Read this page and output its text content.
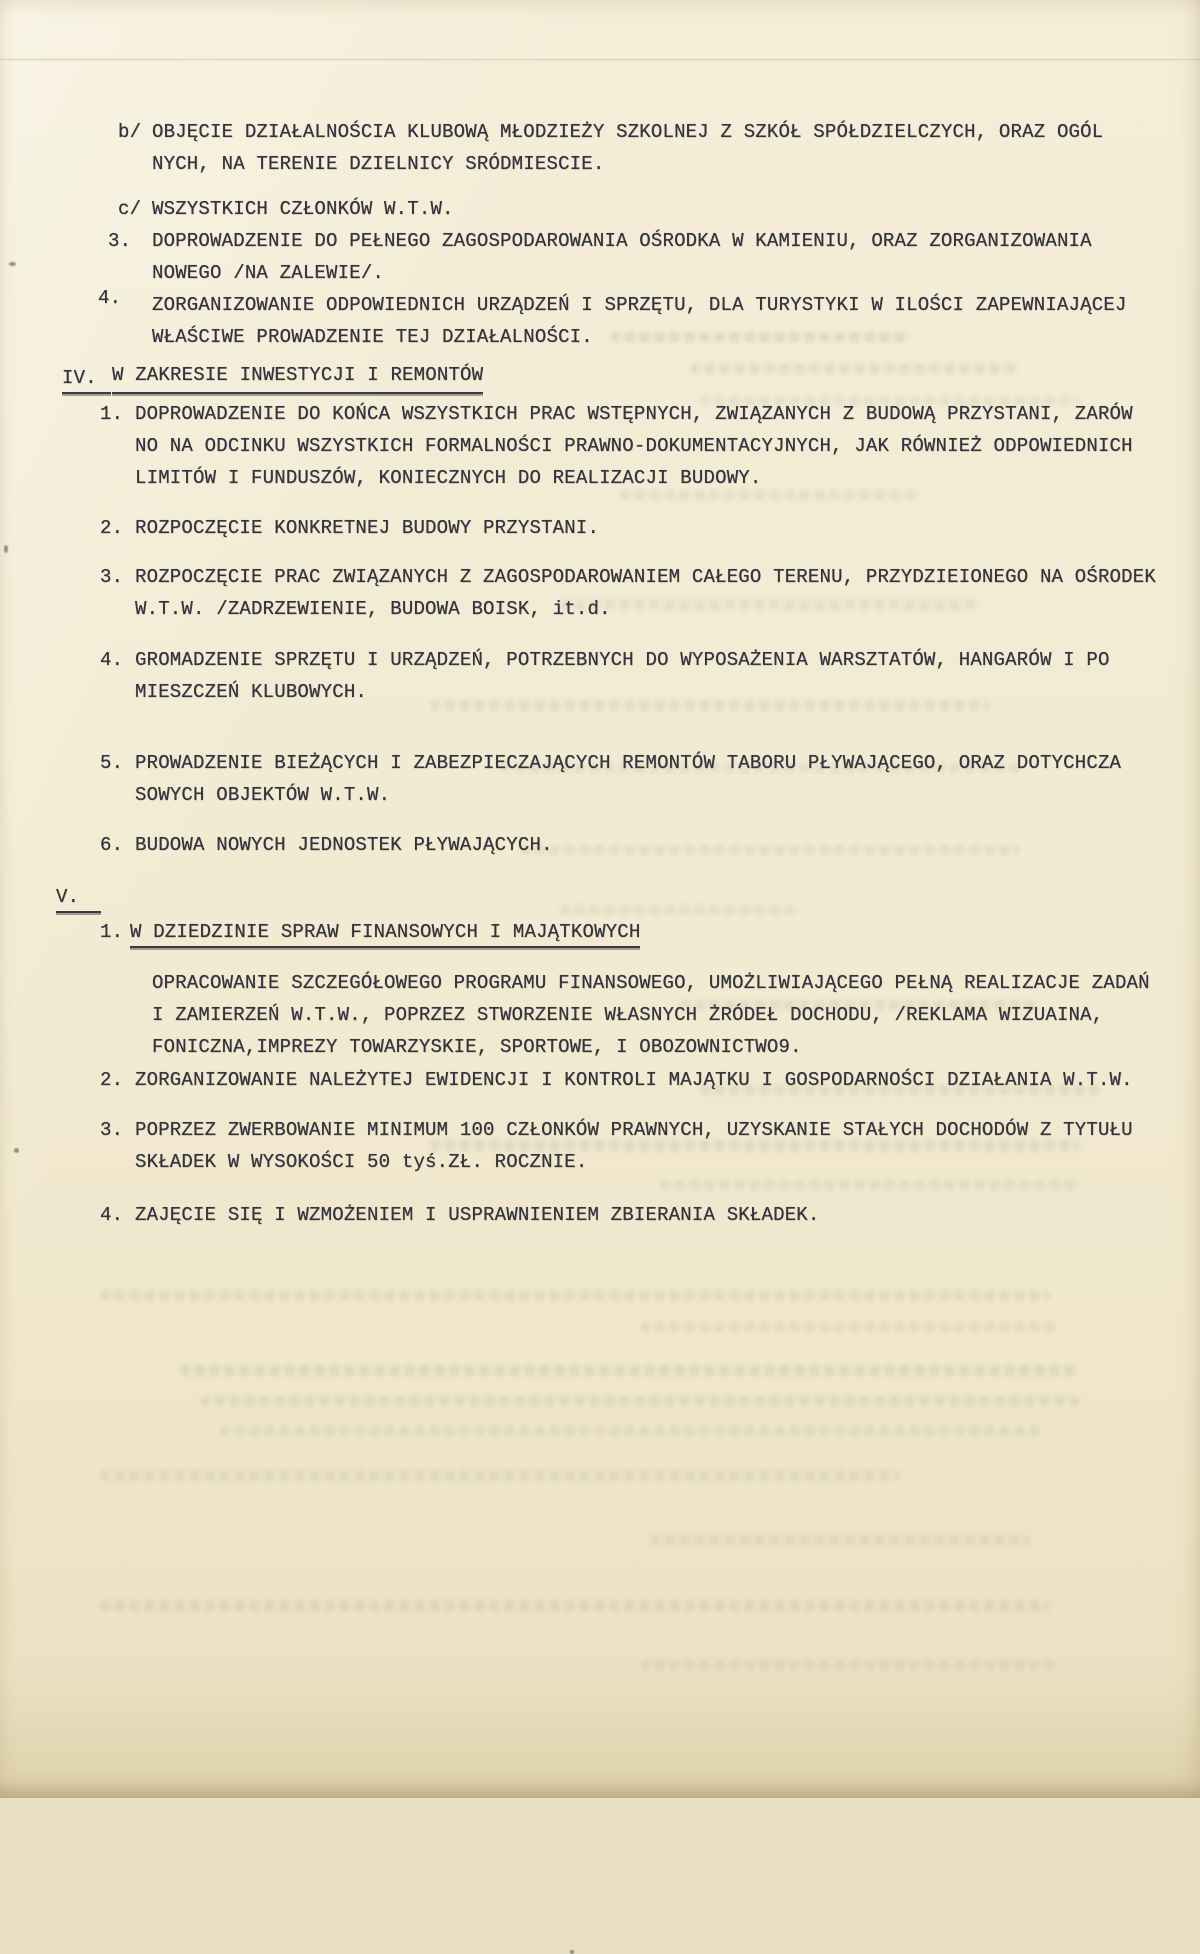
b/ OBJĘCIE DZIAŁALNOŚCIA KLUBOWĄ MŁODZIEŻY SZKOLNEJ Z SZKÓŁ SPÓŁDZIELCZYCH, ORAZ OGÓL
NYCH, NA TERENIE DZIELNICY SRÓDMIESCIE.
c/ WSZYSTKICH CZŁONKÓW W.T.W.
3.	DOPROWADZENIE DO PEŁNEGO ZAGOSPODAROWANIA OŚRODKA W KAMIENIU, ORAZ ZORGANIZOWANIA
NOWEGO /NA ZALEWIE/.
4.	ZORGANIZOWANIE ODPOWIEDNICH URZĄDZEŃ I SPRZĘTU, DLA TURYSTYKI W ILOŚCI ZAPEWNIAJĄCEJ
WŁAŚCIWE PROWADZENIE TEJ DZIAŁALNOŚCI.
IV. W ZAKRESIE INWESTYCJI I REMONTÓW
1. DOPROWADZENIE DO KOŃCA WSZYSTKICH PRAC WSTĘPNYCH, ZWIĄZANYCH Z BUDOWĄ PRZYSTANI, ZARÓW
NO NA ODCINKU WSZYSTKICH FORMALNOŚCI PRAWNO-DOKUMENTACYJNYCH, JAK RÓWNIEŻ ODPOWIEDNICH
LIMITÓW I FUNDUSZÓW, KONIECZNYCH DO REALIZACJI BUDOWY.
2. ROZPOCZĘCIE KONKRETNEJ BUDOWY PRZYSTANI.
3. ROZPOCZĘCIE PRAC ZWIĄZANYCH Z ZAGOSPODAROWANIEM CAŁEGO TERENU, PRZYDZIEIONEGO NA OŚRODEK
W.T.W. /ZADRZEWIENIE, BUDOWA BOISK, it.d.
4. GROMADZENIE SPRZĘTU I URZĄDZEŃ, POTRZEBNYCH DO WYPOSAŻENIA WARSZTATÓW, HANGARÓW I PO
MIESZCZEŃ KLUBOWYCH.
5. PROWADZENIE BIEŻĄCYCH I ZABEZPIECZAJĄCYCH REMONTÓW TABORU PŁYWAJĄCEGO, ORAZ DOTYCHCZA
SOWYCH OBJEKTÓW W.T.W.
6. BUDOWA NOWYCH JEDNOSTEK PŁYWAJĄCYCH.
V.
1. W DZIEDZINIE SPRAW FINANSOWYCH I MAJĄTKOWYCH
OPRACOWANIE SZCZEGÓŁOWEGO PROGRAMU FINANSOWEGO, UMOŻLIWIAJĄCEGO PEŁNĄ REALIZACJE ZADAŃ
I ZAMIERZEŃ W.T.W., POPRZEZ STWORZENIE WŁASNYCH ŻRÓDEŁ DOCHODU, /REKLAMA WIZUAINA,
FONICZNA,IMPREZY TOWARZYSKIE, SPORTOWE, I OBOZOWNICTWO9.
2. ZORGANIZOWANIE NALEŻYTEJ EWIDENCJI I KONTROLI MAJĄTKU I GOSPODARNOŚCI DZIAŁANIA W.T.W.
3. POPRZEZ ZWERBOWANIE MINIMUM 100 CZŁONKÓW PRAWNYCH, UZYSKANIE STAŁYCH DOCHODÓW Z TYTUŁU
SKŁADEK W WYSOKOŚCI 50 tyś.ZŁ. ROCZNIE.
4. ZAJĘCIE SIĘ I WZMOŻENIEM I USPRAWNIENIEM ZBIERANIA SKŁADEK.
